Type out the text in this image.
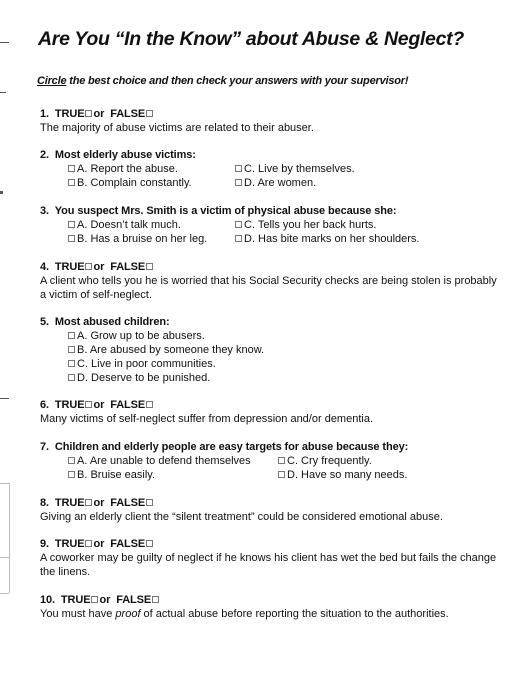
Are You “In the Know” about Abuse & Neglect?
Circle the best choice and then check your answers with your supervisor!
1. TRUE or FALSE
The majority of abuse victims are related to their abuser.
2. Most elderly abuse victims:
A. Report the abuse.
B. Complain constantly.
C. Live by themselves.
D. Are women.
3. You suspect Mrs. Smith is a victim of physical abuse because she:
A. Doesn’t talk much.
B. Has a bruise on her leg.
C. Tells you her back hurts.
D. Has bite marks on her shoulders.
4. TRUE or FALSE
A client who tells you he is worried that his Social Security checks are being stolen is probably a victim of self-neglect.
5. Most abused children:
A. Grow up to be abusers.
B. Are abused by someone they know.
C. Live in poor communities.
D. Deserve to be punished.
6. TRUE or FALSE
Many victims of self-neglect suffer from depression and/or dementia.
7. Children and elderly people are easy targets for abuse because they:
A. Are unable to defend themselves
B. Bruise easily.
C. Cry frequently.
D. Have so many needs.
8. TRUE or FALSE
Giving an elderly client the “silent treatment” could be considered emotional abuse.
9. TRUE or FALSE
A coworker may be guilty of neglect if he knows his client has wet the bed but fails the change the linens.
10. TRUE or FALSE
You must have proof of actual abuse before reporting the situation to the authorities.
